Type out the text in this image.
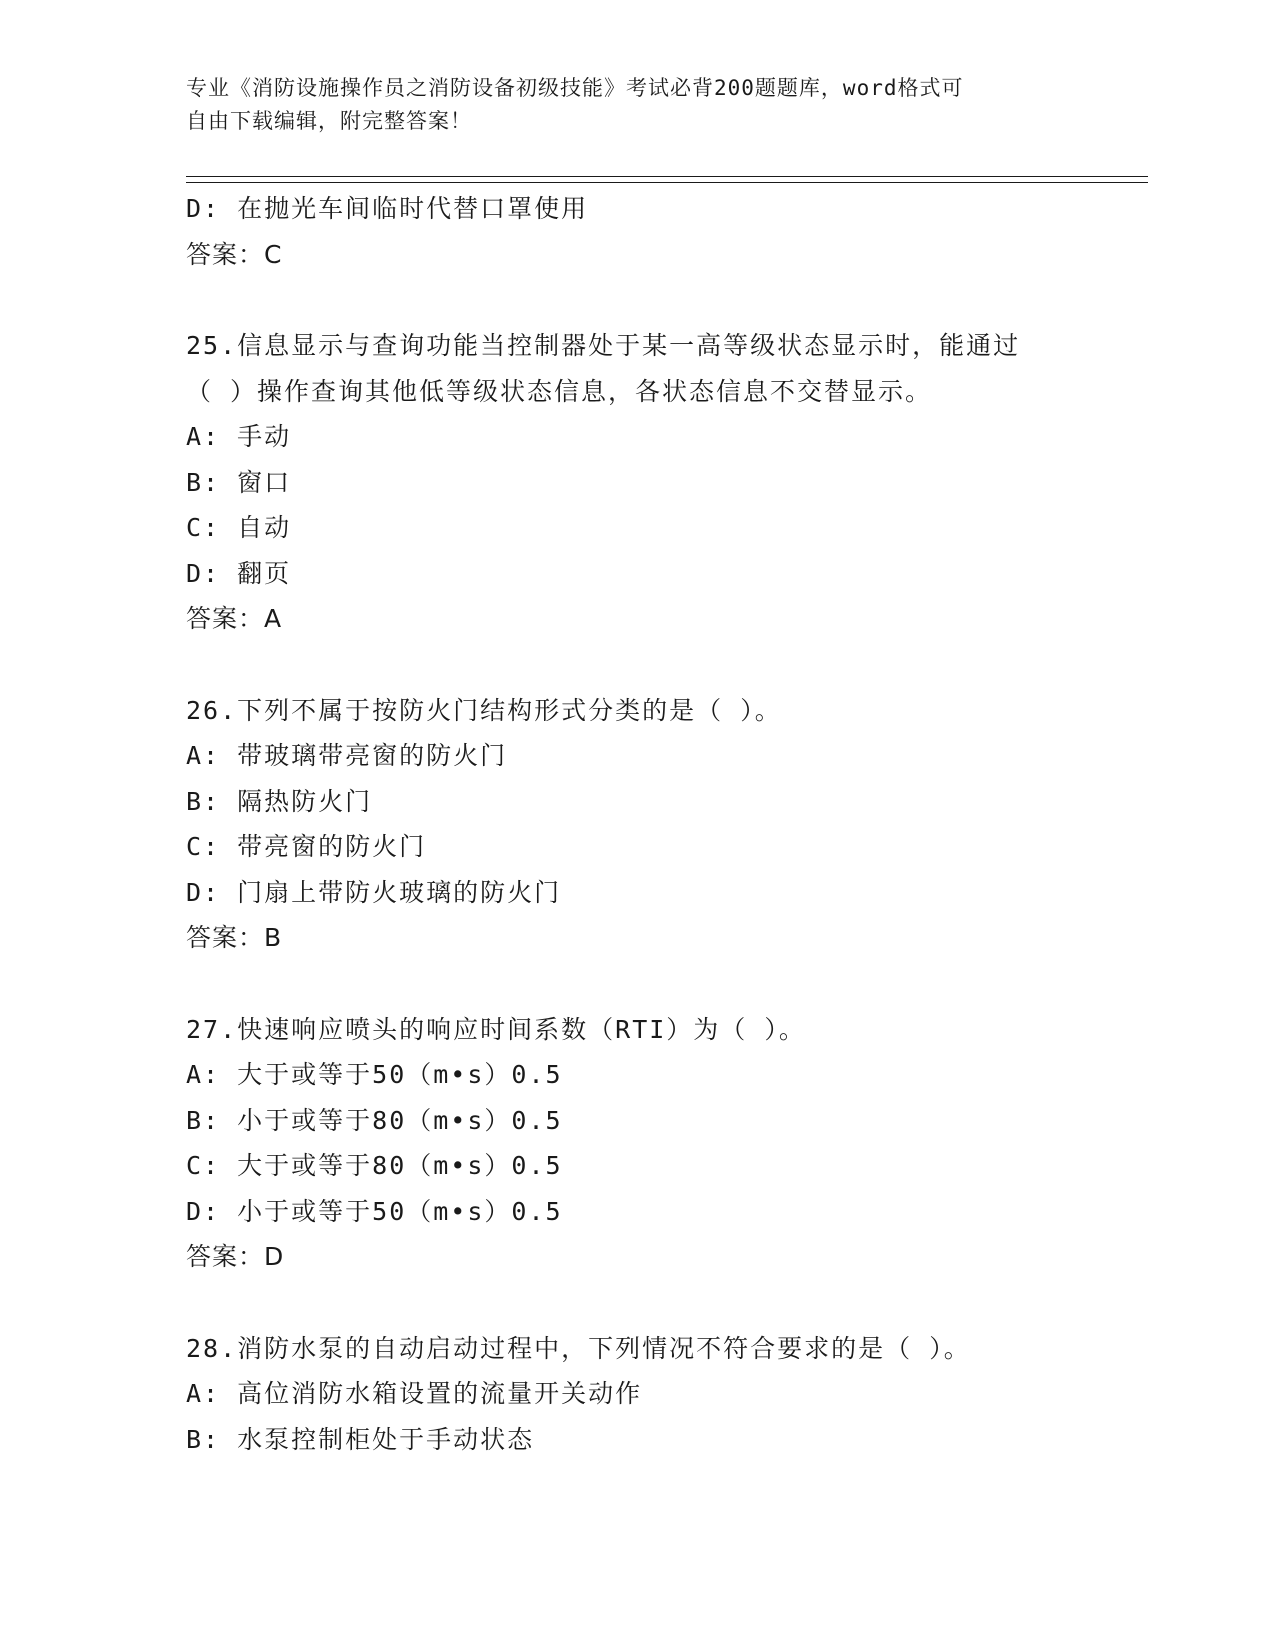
专业《消防设施操作员之消防设备初级技能》考试必背200题题库，word格式可
自由下载编辑，附完整答案！
D: 在抛光车间临时代替口罩使用
答案：C
25.信息显示与查询功能当控制器处于某一高等级状态显示时，能通过
（ ）操作查询其他低等级状态信息，各状态信息不交替显示。
A: 手动
B: 窗口
C: 自动
D: 翻页
答案：A
26.下列不属于按防火门结构形式分类的是（ ）。
A: 带玻璃带亮窗的防火门
B: 隔热防火门
C: 带亮窗的防火门
D: 门扇上带防火玻璃的防火门
答案：B
27.快速响应喷头的响应时间系数（RTI）为（ ）。
A: 大于或等于50（m•s）0.5
B: 小于或等于80（m•s）0.5
C: 大于或等于80（m•s）0.5
D: 小于或等于50（m•s）0.5
答案：D
28.消防水泵的自动启动过程中，下列情况不符合要求的是（ ）。
A: 高位消防水箱设置的流量开关动作
B: 水泵控制柜处于手动状态
